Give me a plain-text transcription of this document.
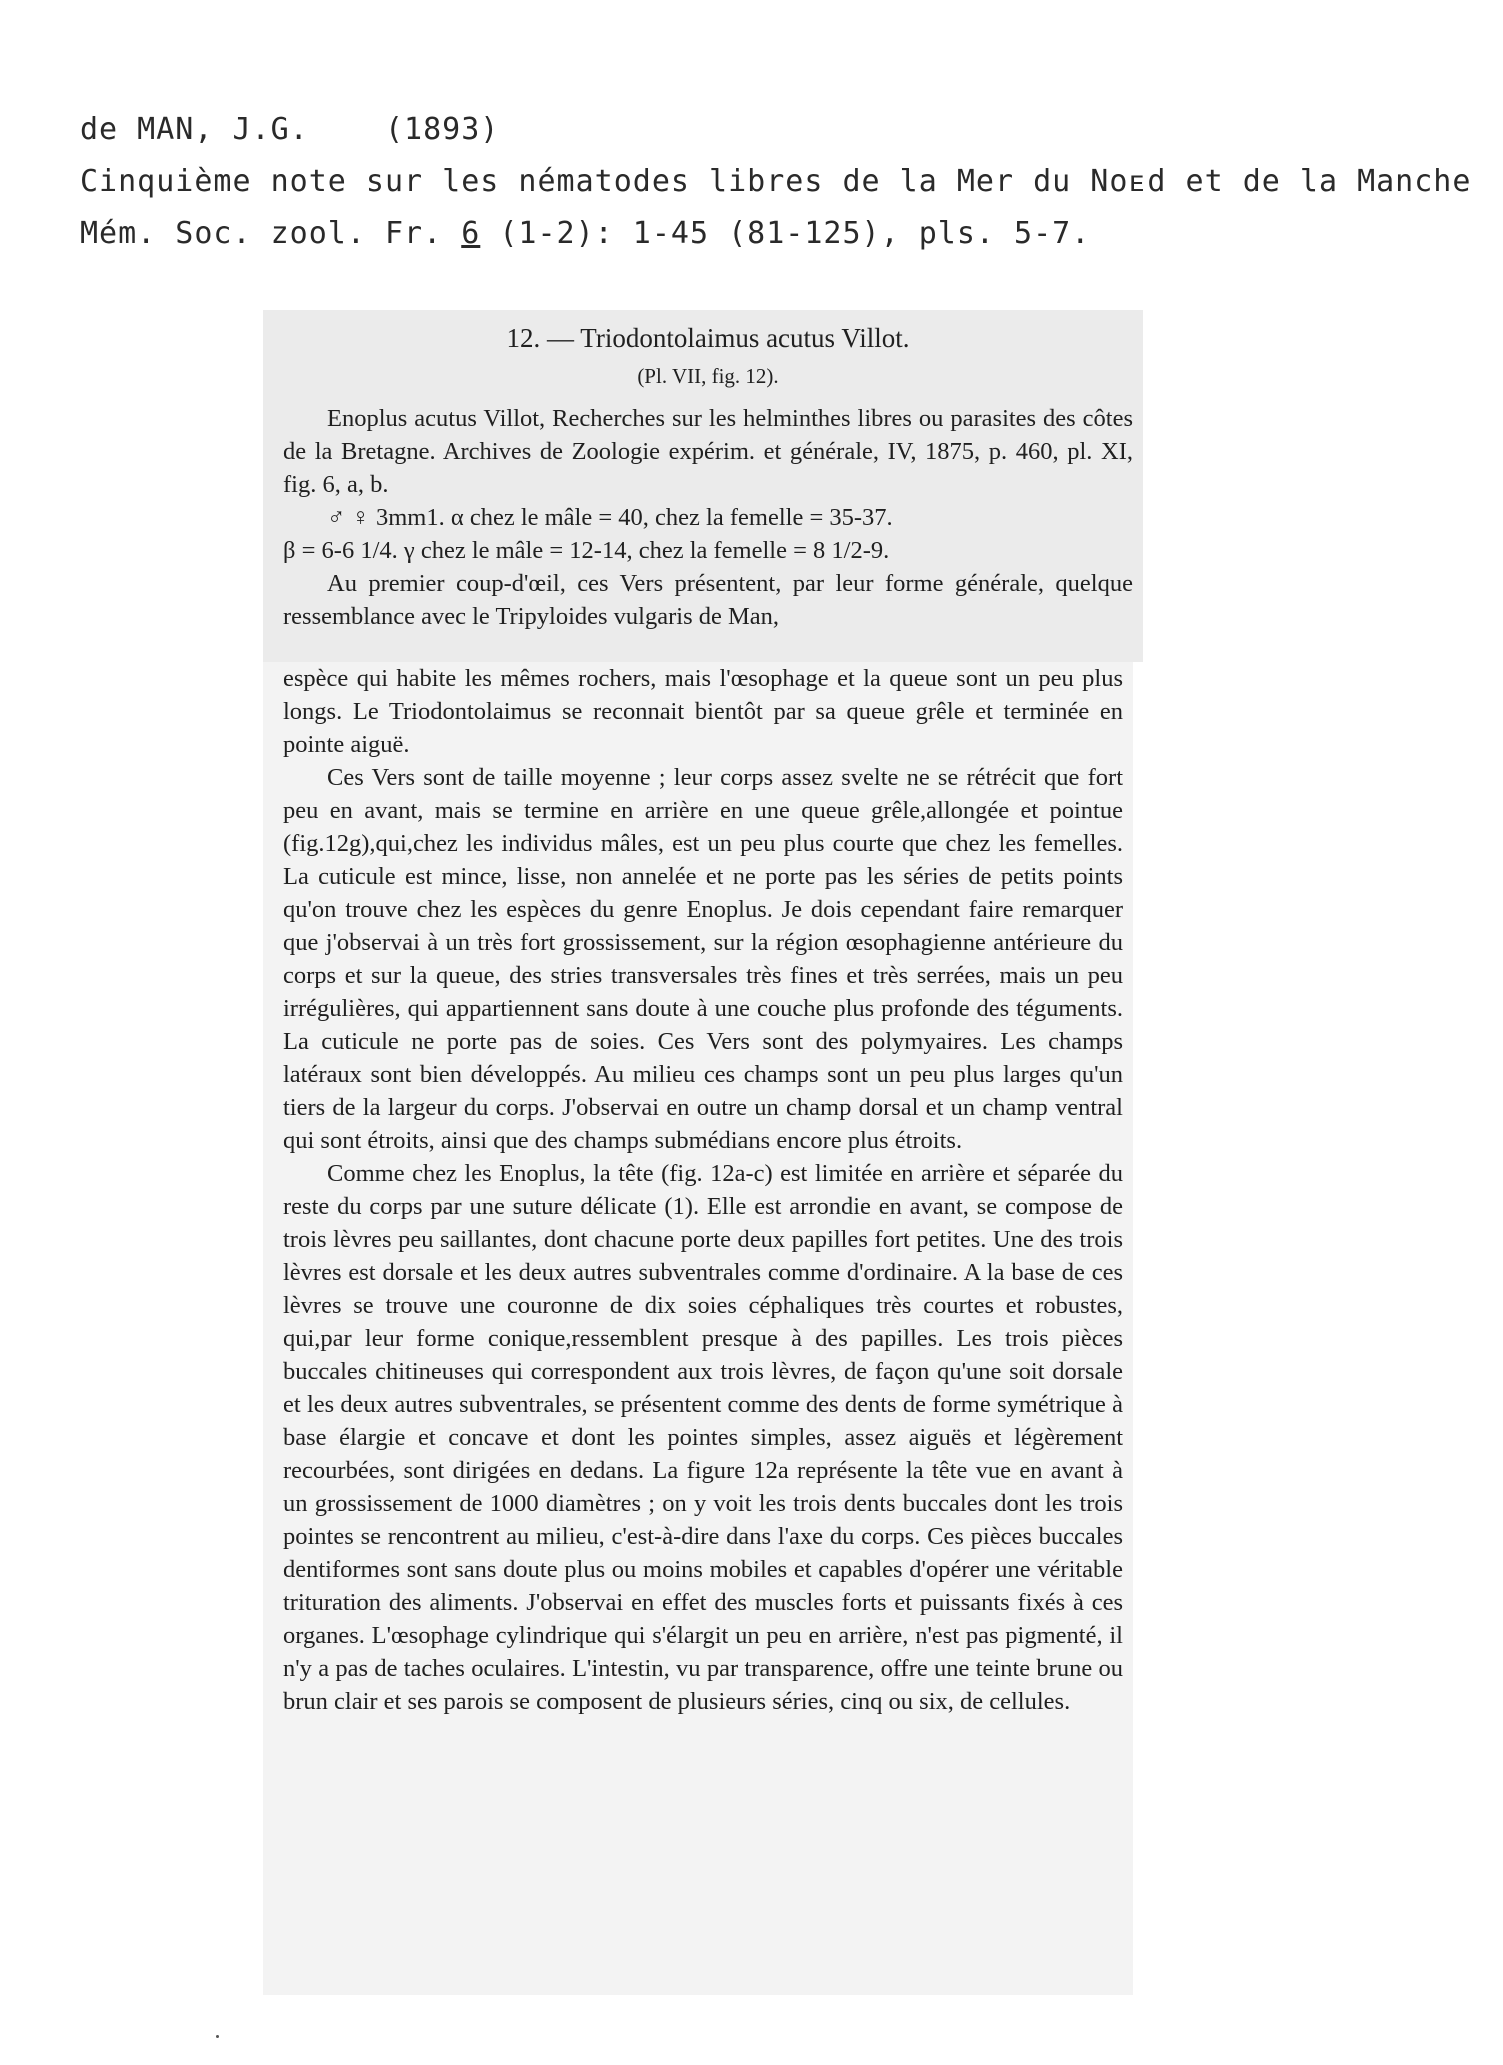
de MAN, J.G.    (1893)
Cinquième note sur les nématodes libres de la Mer du Noᴇd et de la Manche
Mém. Soc. zool. Fr. 6 (1-2): 1-45 (81-125), pls. 5-7.
12. — Triodontolaimus acutus Villot.
(Pl. VII, fig. 12).

Enoplus acutus Villot, Recherches sur les helminthes libres ou parasites des côtes de la Bretagne. Archives de Zoologie expérim. et générale, IV, 1875, p. 460, pl. XI, fig. 6, a, b.

♂ ♀ 3mm1. α chez le mâle = 40, chez la femelle = 35-37.

β = 6-6 1/4. γ chez le mâle = 12-14, chez la femelle = 8 1/2-9.

Au premier coup-d'œil, ces Vers présentent, par leur forme générale, quelque ressemblance avec le Tripyloides vulgaris de Man,

espèce qui habite les mêmes rochers, mais l'œsophage et la queue sont un peu plus longs. Le Triodontolaimus se reconnait bientôt par sa queue grêle et terminée en pointe aiguë.

Ces Vers sont de taille moyenne ; leur corps assez svelte ne se rétrécit que fort peu en avant, mais se termine en arrière en une queue grêle,allongée et pointue (fig.12g),qui,chez les individus mâles, est un peu plus courte que chez les femelles. La cuticule est mince, lisse, non annelée et ne porte pas les séries de petits points qu'on trouve chez les espèces du genre Enoplus. Je dois cependant faire remarquer que j'observai à un très fort grossissement, sur la région œsophagienne antérieure du corps et sur la queue, des stries transversales très fines et très serrées, mais un peu irrégulières, qui appartiennent sans doute à une couche plus profonde des téguments. La cuticule ne porte pas de soies. Ces Vers sont des polymyaires. Les champs latéraux sont bien développés. Au milieu ces champs sont un peu plus larges qu'un tiers de la largeur du corps. J'observai en outre un champ dorsal et un champ ventral qui sont étroits, ainsi que des champs submédians encore plus étroits.

Comme chez les Enoplus, la tête (fig. 12a-c) est limitée en arrière et séparée du reste du corps par une suture délicate (1). Elle est arrondie en avant, se compose de trois lèvres peu saillantes, dont chacune porte deux papilles fort petites. Une des trois lèvres est dorsale et les deux autres subventrales comme d'ordinaire. A la base de ces lèvres se trouve une couronne de dix soies céphaliques très courtes et robustes, qui,par leur forme conique,ressemblent presque à des papilles. Les trois pièces buccales chitineuses qui correspondent aux trois lèvres, de façon qu'une soit dorsale et les deux autres subventrales, se présentent comme des dents de forme symétrique à base élargie et concave et dont les pointes simples, assez aiguës et légèrement recourbées, sont dirigées en dedans. La figure 12a représente la tête vue en avant à un grossissement de 1000 diamètres ; on y voit les trois dents buccales dont les trois pointes se rencontrent au milieu, c'est-à-dire dans l'axe du corps. Ces pièces buccales dentiformes sont sans doute plus ou moins mobiles et capables d'opérer une véritable trituration des aliments. J'observai en effet des muscles forts et puissants fixés à ces organes. L'œsophage cylindrique qui s'élargit un peu en arrière, n'est pas pigmenté, il n'y a pas de taches oculaires. L'intestin, vu par transparence, offre une teinte brune ou brun clair et ses parois se composent de plusieurs séries, cinq ou six, de cellules.
